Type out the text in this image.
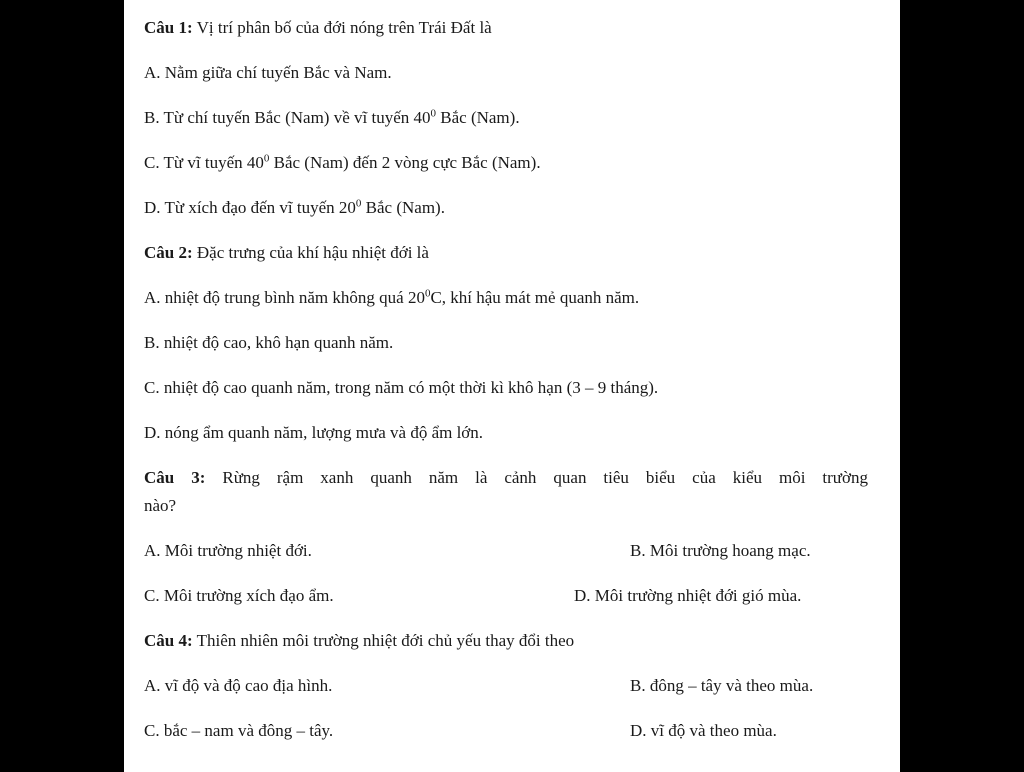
Câu 1: Vị trí phân bố của đới nóng trên Trái Đất là

A. Nằm giữa chí tuyến Bắc và Nam.

B. Từ chí tuyến Bắc (Nam) về vĩ tuyến $40^0$ Bắc (Nam).

C. Từ vĩ tuyến $40^0$ Bắc (Nam) đến 2 vòng cực Bắc (Nam).

D. Từ xích đạo đến vĩ tuyến $20^0$ Bắc (Nam).

Câu 2: Đặc trưng của khí hậu nhiệt đới là

A. nhiệt độ trung bình năm không quá $20^0C$, khí hậu mát mẻ quanh năm.

B. nhiệt độ cao, khô hạn quanh năm.

C. nhiệt độ cao quanh năm, trong năm có một thời kì khô hạn (3 – 9 tháng).

D. nóng ẩm quanh năm, lượng mưa và độ ẩm lớn.

Câu 3: Rừng rậm xanh quanh năm là cảnh quan tiêu biểu của kiểu môi trường

nào?

A. Môi trường nhiệt đới.	B. Môi trường hoang mạc.
C. Môi trường xích đạo ẩm.	D. Môi trường nhiệt đới gió mùa.

Câu 4: Thiên nhiên môi trường nhiệt đới chủ yếu thay đổi theo

A. vĩ độ và độ cao địa hình.	B. đông – tây và theo mùa.
C. bắc – nam và đông – tây.	D. vĩ độ và theo mùa.
